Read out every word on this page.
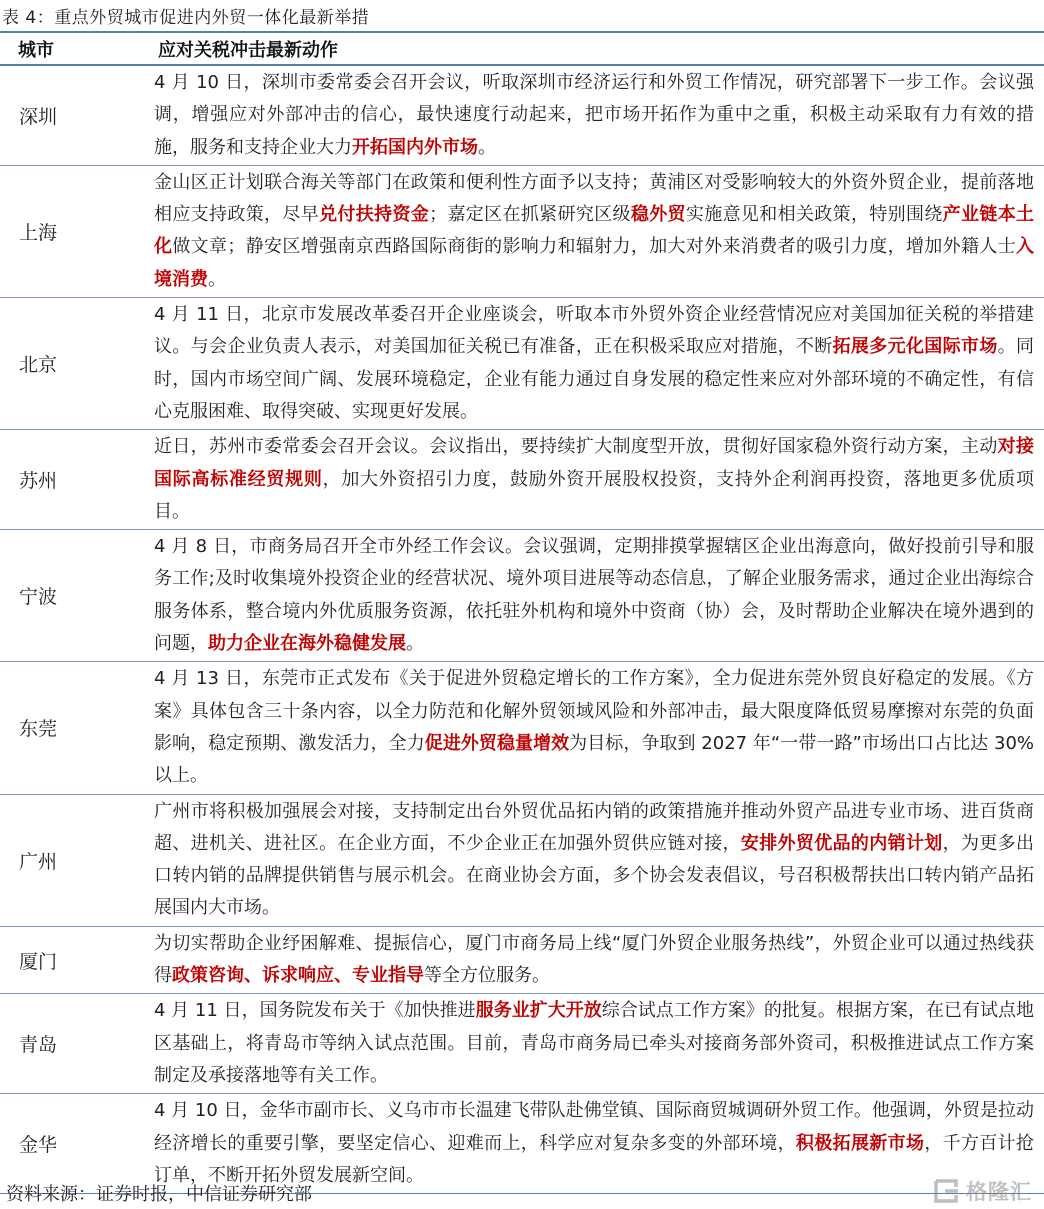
表 4：重点外贸城市促进内外贸一体化最新举措
城市	应对关税冲击最新动作
深圳	4 月 10 日，深圳市委常委会召开会议，听取深圳市经济运行和外贸工作情况，研究部署下一步工作。会议强调，增强应对外部冲击的信心，最快速度行动起来，把市场开拓作为重中之重，积极主动采取有力有效的措施，服务和支持企业大力开拓国内外市场。
上海	金山区正计划联合海关等部门在政策和便利性方面予以支持；黄浦区对受影响较大的外资外贸企业，提前落地相应支持政策，尽早兑付扶持资金；嘉定区在抓紧研究区级稳外贸实施意见和相关政策，特别围绕产业链本土化做文章；静安区增强南京西路国际商街的影响力和辐射力，加大对外来消费者的吸引力度，增加外籍人士入境消费。
北京	4 月 11 日，北京市发展改革委召开企业座谈会，听取本市外贸外资企业经营情况应对美国加征关税的举措建议。与会企业负责人表示，对美国加征关税已有准备，正在积极采取应对措施，不断拓展多元化国际市场。同时，国内市场空间广阔、发展环境稳定，企业有能力通过自身发展的稳定性来应对外部环境的不确定性，有信心克服困难、取得突破、实现更好发展。
苏州	近日，苏州市委常委会召开会议。会议指出，要持续扩大制度型开放，贯彻好国家稳外资行动方案，主动对接国际高标准经贸规则，加大外资招引力度，鼓励外资开展股权投资，支持外企利润再投资，落地更多优质项目。
宁波	4 月 8 日，市商务局召开全市外经工作会议。会议强调，定期排摸掌握辖区企业出海意向，做好投前引导和服务工作;及时收集境外投资企业的经营状况、境外项目进展等动态信息，了解企业服务需求，通过企业出海综合服务体系，整合境内外优质服务资源，依托驻外机构和境外中资商（协）会，及时帮助企业解决在境外遇到的问题，助力企业在海外稳健发展。
东莞	4 月 13 日，东莞市正式发布《关于促进外贸稳定增长的工作方案》，全力促进东莞外贸良好稳定的发展。《方案》具体包含三十条内容，以全力防范和化解外贸领域风险和外部冲击，最大限度降低贸易摩擦对东莞的负面影响，稳定预期、激发活力，全力促进外贸稳量增效为目标，争取到 2027 年“一带一路”市场出口占比达 30%以上。
广州	广州市将积极加强展会对接，支持制定出台外贸优品拓内销的政策措施并推动外贸产品进专业市场、进百货商超、进机关、进社区。在企业方面，不少企业正在加强外贸供应链对接，安排外贸优品的内销计划，为更多出口转内销的品牌提供销售与展示机会。在商业协会方面，多个协会发表倡议，号召积极帮扶出口转内销产品拓展国内大市场。
厦门	为切实帮助企业纾困解难、提振信心，厦门市商务局上线“厦门外贸企业服务热线”，外贸企业可以通过热线获得政策咨询、诉求响应、专业指导等全方位服务。
青岛	4 月 11 日，国务院发布关于《加快推进服务业扩大开放综合试点工作方案》的批复。根据方案，在已有试点地区基础上，将青岛市等纳入试点范围。目前，青岛市商务局已牵头对接商务部外资司，积极推进试点工作方案制定及承接落地等有关工作。
金华	4 月 10 日，金华市副市长、义乌市市长温建飞带队赴佛堂镇、国际商贸城调研外贸工作。他强调，外贸是拉动经济增长的重要引擎，要坚定信心、迎难而上，科学应对复杂多变的外部环境，积极拓展新市场，千方百计抢订单，不断开拓外贸发展新空间。
资料来源：证券时报，中信证券研究部	格隆汇
